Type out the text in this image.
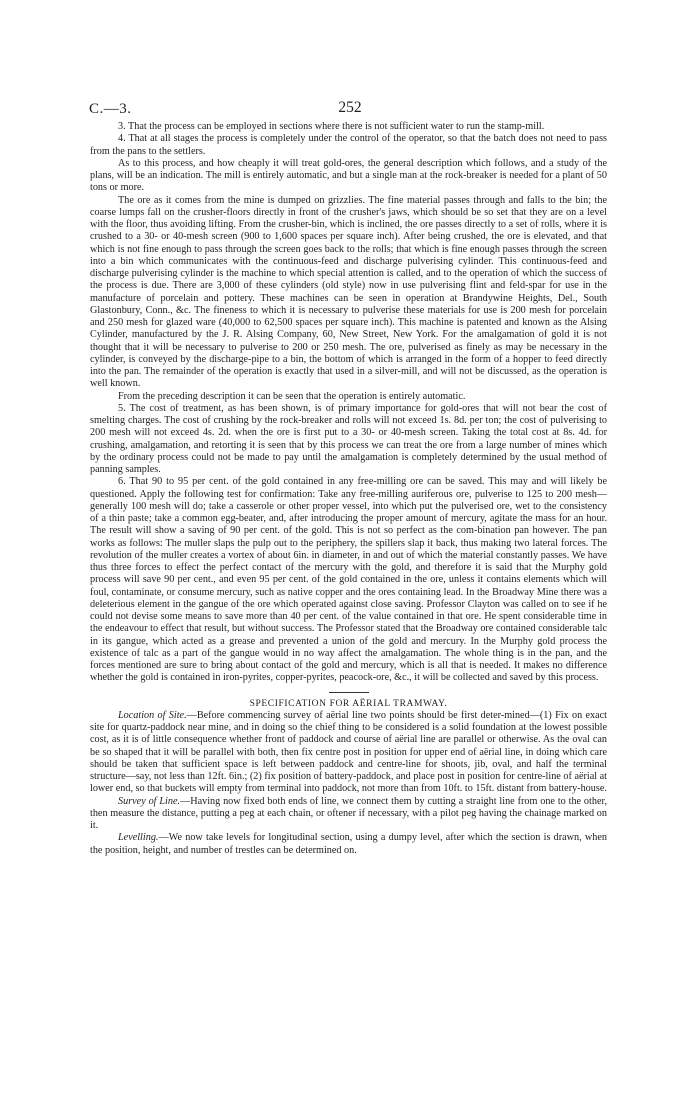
C.—3.	252

3. That the process can be employed in sections where there is not sufficient water to run the stamp-mill.

4. That at all stages the process is completely under the control of the operator, so that the batch does not need to pass from the pans to the settlers.

As to this process, and how cheaply it will treat gold-ores, the general description which follows, and a study of the plans, will be an indication. The mill is entirely automatic, and but a single man at the rock-breaker is needed for a plant of 50 tons or more.

The ore as it comes from the mine is dumped on grizzlies. The fine material passes through and falls to the bin; the coarse lumps fall on the crusher-floors directly in front of the crusher's jaws, which should be so set that they are on a level with the floor, thus avoiding lifting. From the crusher-bin, which is inclined, the ore passes directly to a set of rolls, where it is crushed to a 30- or 40-mesh screen (900 to 1,600 spaces per square inch). After being crushed, the ore is elevated, and that which is not fine enough to pass through the screen goes back to the rolls; that which is fine enough passes through the screen into a bin which communicates with the continuous-feed and discharge pulverising cylinder. This continuous-feed and discharge pulverising cylinder is the machine to which special attention is called, and to the operation of which the success of the process is due. There are 3,000 of these cylinders (old style) now in use pulverising flint and feld-spar for use in the manufacture of porcelain and pottery. These machines can be seen in operation at Brandywine Heights, Del., South Glastonbury, Conn., &c. The fineness to which it is necessary to pulverise these materials for use is 200 mesh for porcelain and 250 mesh for glazed ware (40,000 to 62,500 spaces per square inch). This machine is patented and known as the Alsing Cylinder, manufactured by the J. R. Alsing Company, 60, New Street, New York. For the amalgamation of gold it is not thought that it will be necessary to pulverise to 200 or 250 mesh. The ore, pulverised as finely as may be necessary in the cylinder, is conveyed by the discharge-pipe to a bin, the bottom of which is arranged in the form of a hopper to feed directly into the pan. The remainder of the operation is exactly that used in a silver-mill, and will not be discussed, as the operation is well known.

From the preceding description it can be seen that the operation is entirely automatic.

5. The cost of treatment, as has been shown, is of primary importance for gold-ores that will not bear the cost of smelting charges. The cost of crushing by the rock-breaker and rolls will not exceed 1s. 8d. per ton; the cost of pulverising to 200 mesh will not exceed 4s. 2d. when the ore is first put to a 30- or 40-mesh screen. Taking the total cost at 8s. 4d. for crushing, amalgamation, and retorting it is seen that by this process we can treat the ore from a large number of mines which by the ordinary process could not be made to pay until the amalgamation is completely determined by the usual method of panning samples.

6. That 90 to 95 per cent. of the gold contained in any free-milling ore can be saved. This may and will likely be questioned. Apply the following test for confirmation: Take any free-milling auriferous ore, pulverise to 125 to 200 mesh—generally 100 mesh will do; take a casserole or other proper vessel, into which put the pulverised ore, wet to the consistency of a thin paste; take a common egg-beater, and, after introducing the proper amount of mercury, agitate the mass for an hour. The result will show a saving of 90 per cent. of the gold. This is not so perfect as the com-bination pan however. The pan works as follows: The muller slaps the pulp out to the periphery, the spillers slap it back, thus making two lateral forces. The revolution of the muller creates a vortex of about 6in. in diameter, in and out of which the material constantly passes. We have thus three forces to effect the perfect contact of the mercury with the gold, and therefore it is said that the Murphy gold process will save 90 per cent., and even 95 per cent. of the gold contained in the ore, unless it contains elements which will foul, contaminate, or consume mercury, such as native copper and the ores containing lead. In the Broadway Mine there was a deleterious element in the gangue of the ore which operated against close saving. Professor Clayton was called on to see if he could not devise some means to save more than 40 per cent. of the value contained in that ore. He spent considerable time in the endeavour to effect that result, but without success. The Professor stated that the Broadway ore contained considerable talc in its gangue, which acted as a grease and prevented a union of the gold and mercury. In the Murphy gold process the existence of talc as a part of the gangue would in no way affect the amalgamation. The whole thing is in the pan, and the forces mentioned are sure to bring about contact of the gold and mercury, which is all that is needed. It makes no difference whether the gold is contained in iron-pyrites, copper-pyrites, peacock-ore, &c., it will be collected and saved by this process.

SPECIFICATION FOR AËRIAL TRAMWAY.

Location of Site.—Before commencing survey of aërial line two points should be first deter-mined—(1) Fix on exact site for quartz-paddock near mine, and in doing so the chief thing to be considered is a solid foundation at the lowest possible cost, as it is of little consequence whether front of paddock and course of aërial line are parallel or otherwise. As the oval can be so shaped that it will be parallel with both, then fix centre post in position for upper end of aërial line, in doing which care should be taken that sufficient space is left between paddock and centre-line for shoots, jib, oval, and half the terminal structure—say, not less than 12ft. 6in.; (2) fix position of battery-paddock, and place post in position for centre-line of aërial at lower end, so that buckets will empty from terminal into paddock, not more than from 10ft. to 15ft. distant from battery-house.

Survey of Line.—Having now fixed both ends of line, we connect them by cutting a straight line from one to the other, then measure the distance, putting a peg at each chain, or oftener if necessary, with a pilot peg having the chainage marked on it.

Levelling.—We now take levels for longitudinal section, using a dumpy level, after which the section is drawn, when the position, height, and number of trestles can be determined on.
